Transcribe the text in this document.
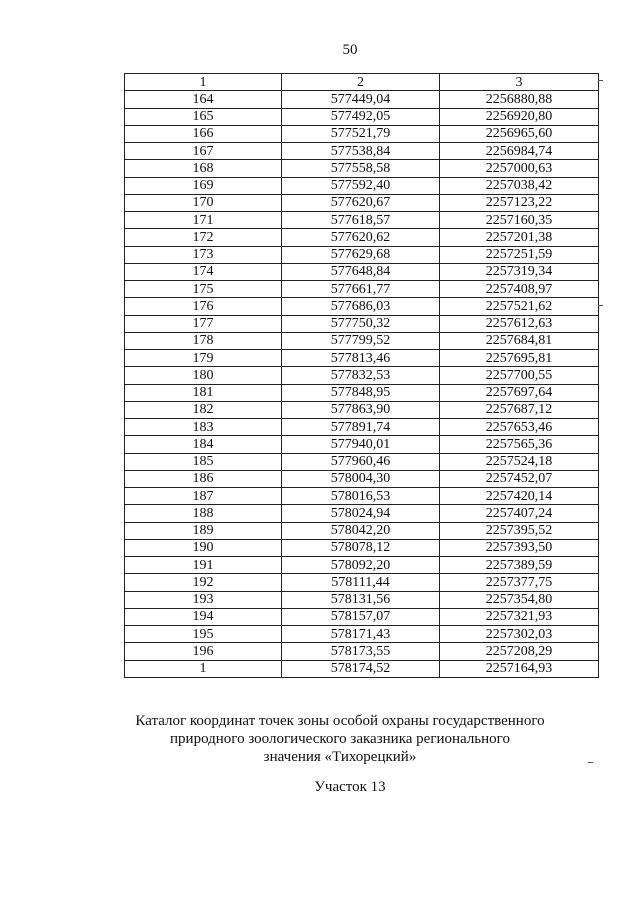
50
1	2	3
164	577449,04	2256880,88
165	577492,05	2256920,80
166	577521,79	2256965,60
167	577538,84	2256984,74
168	577558,58	2257000,63
169	577592,40	2257038,42
170	577620,67	2257123,22
171	577618,57	2257160,35
172	577620,62	2257201,38
173	577629,68	2257251,59
174	577648,84	2257319,34
175	577661,77	2257408,97
176	577686,03	2257521,62
177	577750,32	2257612,63
178	577799,52	2257684,81
179	577813,46	2257695,81
180	577832,53	2257700,55
181	577848,95	2257697,64
182	577863,90	2257687,12
183	577891,74	2257653,46
184	577940,01	2257565,36
185	577960,46	2257524,18
186	578004,30	2257452,07
187	578016,53	2257420,14
188	578024,94	2257407,24
189	578042,20	2257395,52
190	578078,12	2257393,50
191	578092,20	2257389,59
192	578111,44	2257377,75
193	578131,56	2257354,80
194	578157,07	2257321,93
195	578171,43	2257302,03
196	578173,55	2257208,29
1	578174,52	2257164,93
Каталог координат точек зоны особой охраны государственного
природного зоологического заказника регионального
значения «Тихорецкий»
Участок 13
